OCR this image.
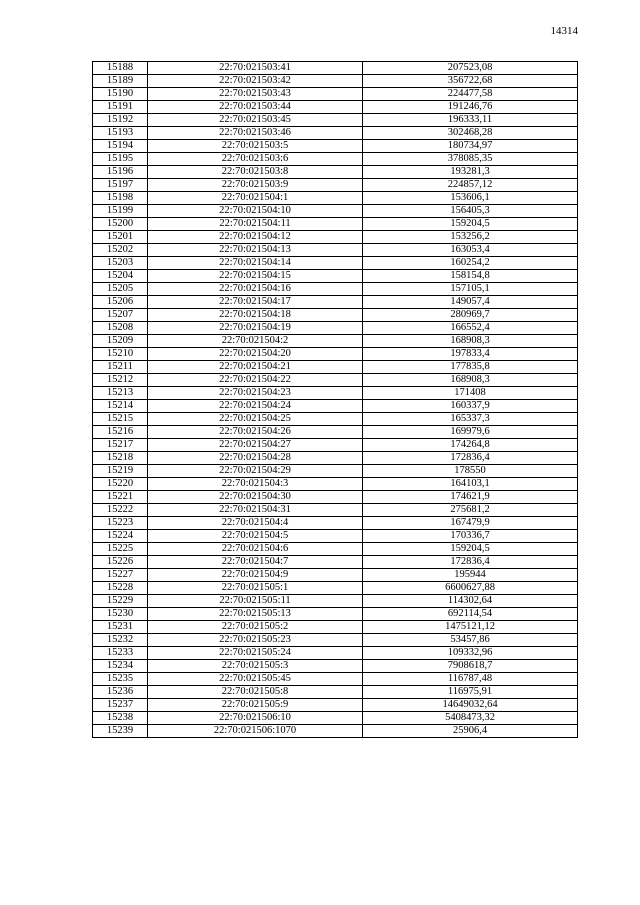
14314
15188	22:70:021503:41	207523,08
15189	22:70:021503:42	356722,68
15190	22:70:021503:43	224477,58
15191	22:70:021503:44	191246,76
15192	22:70:021503:45	196333,11
15193	22:70:021503:46	302468,28
15194	22:70:021503:5	180734,97
15195	22:70:021503:6	378085,35
15196	22:70:021503:8	193281,3
15197	22:70:021503:9	224857,12
15198	22:70:021504:1	153606,1
15199	22:70:021504:10	156405,3
15200	22:70:021504:11	159204,5
15201	22:70:021504:12	153256,2
15202	22:70:021504:13	163053,4
15203	22:70:021504:14	160254,2
15204	22:70:021504:15	158154,8
15205	22:70:021504:16	157105,1
15206	22:70:021504:17	149057,4
15207	22:70:021504:18	280969,7
15208	22:70:021504:19	166552,4
15209	22:70:021504:2	168908,3
15210	22:70:021504:20	197833,4
15211	22:70:021504:21	177835,8
15212	22:70:021504:22	168908,3
15213	22:70:021504:23	171408
15214	22:70:021504:24	160337,9
15215	22:70:021504:25	165337,3
15216	22:70:021504:26	169979,6
15217	22:70:021504:27	174264,8
15218	22:70:021504:28	172836,4
15219	22:70:021504:29	178550
15220	22:70:021504:3	164103,1
15221	22:70:021504:30	174621,9
15222	22:70:021504:31	275681,2
15223	22:70:021504:4	167479,9
15224	22:70:021504:5	170336,7
15225	22:70:021504:6	159204,5
15226	22:70:021504:7	172836,4
15227	22:70:021504:9	195944
15228	22:70:021505:1	6600627,88
15229	22:70:021505:11	114302,64
15230	22:70:021505:13	692114,54
15231	22:70:021505:2	1475121,12
15232	22:70:021505:23	53457,86
15233	22:70:021505:24	109332,96
15234	22:70:021505:3	7908618,7
15235	22:70:021505:45	116787,48
15236	22:70:021505:8	116975,91
15237	22:70:021505:9	14649032,64
15238	22:70:021506:10	5408473,32
15239	22:70:021506:1070	25906,4
